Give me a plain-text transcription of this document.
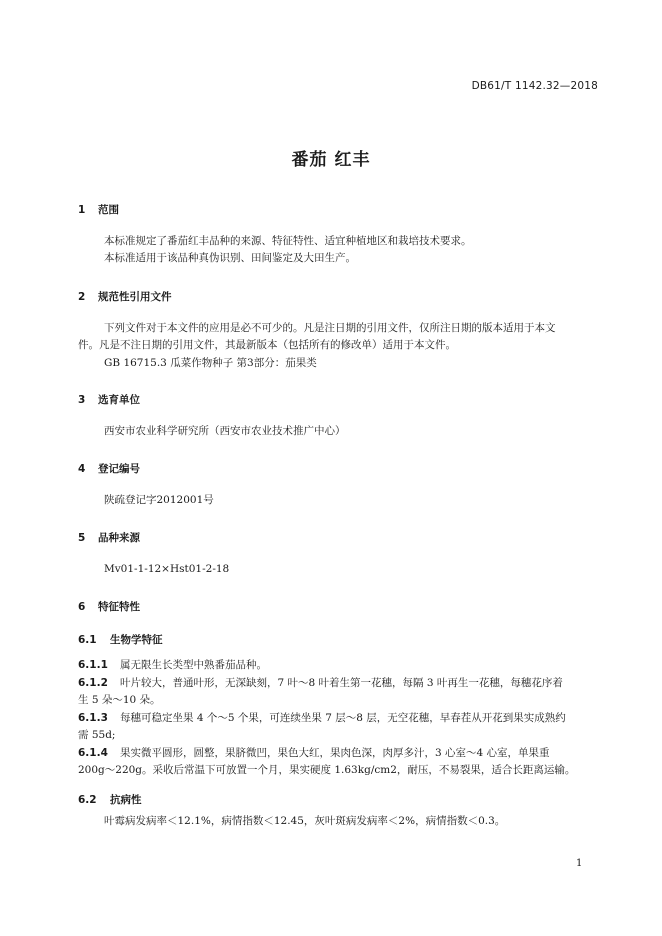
DB61/T 1142.32—2018
番茄 红丰
1 范围
本标准规定了番茄红丰品种的来源、特征特性、适宜种植地区和栽培技术要求。
本标准适用于该品种真伪识别、田间鉴定及大田生产。
2 规范性引用文件
下列文件对于本文件的应用是必不可少的。凡是注日期的引用文件，仅所注日期的版本适用于本文
件。凡是不注日期的引用文件，其最新版本（包括所有的修改单）适用于本文件。
GB 16715.3 瓜菜作物种子 第3部分：茄果类
3 选育单位
西安市农业科学研究所（西安市农业技术推广中心）
4 登记编号
陕疏登记字2012001号
5 品种来源
Mv01-1-12×Hst01-2-18
6 特征特性
6.1 生物学特征
6.1.1 属无限生长类型中熟番茄品种。
6.1.2 叶片较大，普通叶形，无深缺刻，7 叶～8 叶着生第一花穗，每隔 3 叶再生一花穗，每穗花序着
生 5 朵～10 朵。
6.1.3 每穗可稳定坐果 4 个～5 个果，可连续坐果 7 层～8 层，无空花穗，早春茬从开花到果实成熟约
需 55d;
6.1.4 果实微平圆形，圆整，果脐微凹，果色大红，果肉色深，肉厚多汁，3 心室～4 心室，单果重
200g～220g。采收后常温下可放置一个月，果实硬度 1.63kg/cm2，耐压，不易裂果，适合长距离运输。
6.2 抗病性
叶霉病发病率＜12.1%，病情指数＜12.45，灰叶斑病发病率＜2%，病情指数＜0.3。
1
